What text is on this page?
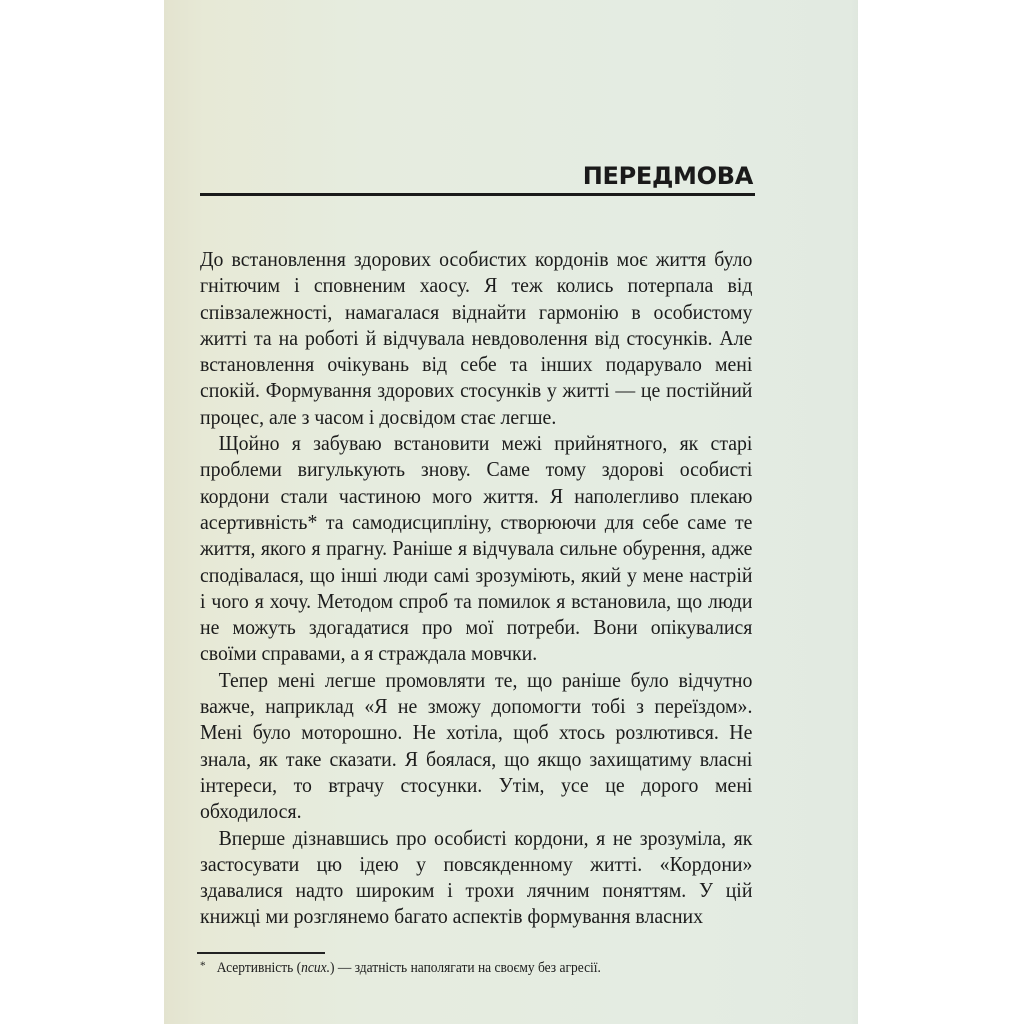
ПЕРЕДМОВА

До встановлення здорових особистих кордонів моє життя було гнітючим і сповненим хаосу. Я теж колись потерпала від співзалежності, намагалася віднайти гармонію в особистому житті та на роботі й відчувала невдоволення від стосунків. Але встановлення очікувань від себе та інших подарувало мені спокій. Формування здорових стосунків у житті — це постійний процес, але з часом і досвідом стає легше.

Щойно я забуваю встановити межі прийнятного, як старі проблеми вигулькують знову. Саме тому здорові особисті кордони стали частиною мого життя. Я наполегливо плекаю асертивність* та самодисципліну, створюючи для себе саме те життя, якого я прагну. Раніше я відчувала сильне обурення, адже сподівалася, що інші люди самі зрозуміють, який у мене настрій і чого я хочу. Методом спроб та помилок я встановила, що люди не можуть здогадатися про мої потреби. Вони опікувалися своїми справами, а я страждала мовчки.

Тепер мені легше промовляти те, що раніше було відчутно важче, наприклад «Я не зможу допомогти тобі з переїздом». Мені було моторошно. Не хотіла, щоб хтось розлютився. Не знала, як таке сказати. Я боялася, що якщо захищатиму власні інтереси, то втрачу стосунки. Утім, усе це дорого мені обходилося.

Вперше дізнавшись про особисті кордони, я не зрозуміла, як застосувати цю ідею у повсякденному житті. «Кордони» здавалися надто широким і трохи лячним поняттям. У цій книжці ми розглянемо багато аспектів формування власних

* Асертивність (псих.) — здатність наполягати на своєму без агресії.
